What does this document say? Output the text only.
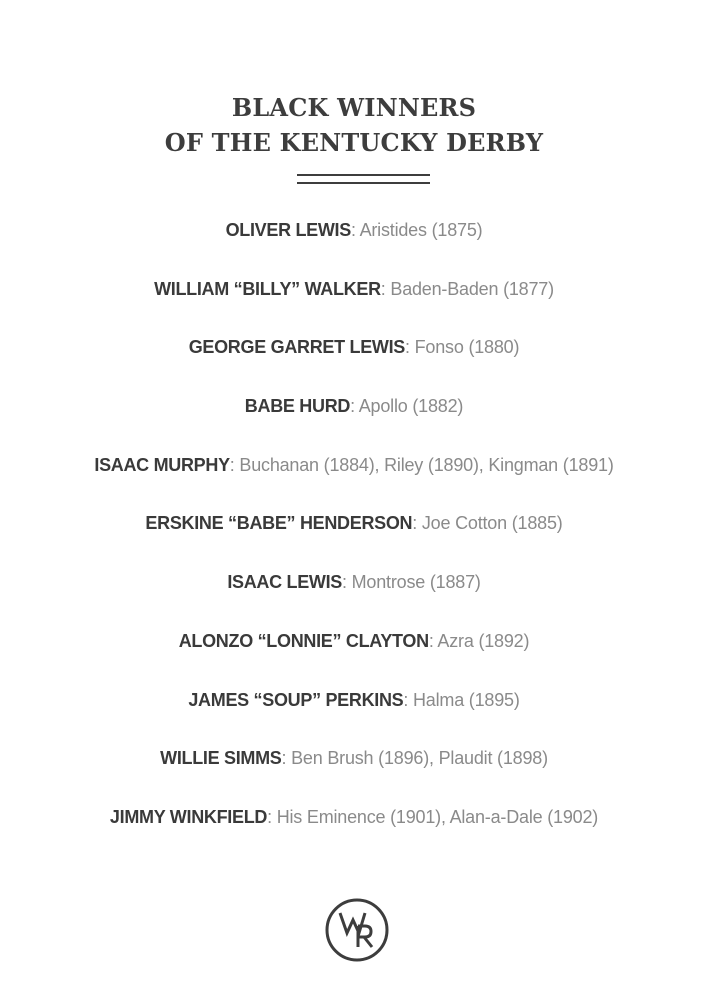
BLACK WINNERS
OF THE KENTUCKY DERBY
OLIVER LEWIS: Aristides (1875)
WILLIAM “BILLY” WALKER: Baden-Baden (1877)
GEORGE GARRET LEWIS: Fonso (1880)
BABE HURD: Apollo (1882)
ISAAC MURPHY: Buchanan (1884), Riley (1890), Kingman (1891)
ERSKINE “BABE” HENDERSON: Joe Cotton (1885)
ISAAC LEWIS: Montrose (1887)
ALONZO “LONNIE” CLAYTON: Azra (1892)
JAMES “SOUP” PERKINS: Halma (1895)
WILLIE SIMMS: Ben Brush (1896), Plaudit (1898)
JIMMY WINKFIELD: His Eminence (1901), Alan-a-Dale (1902)
